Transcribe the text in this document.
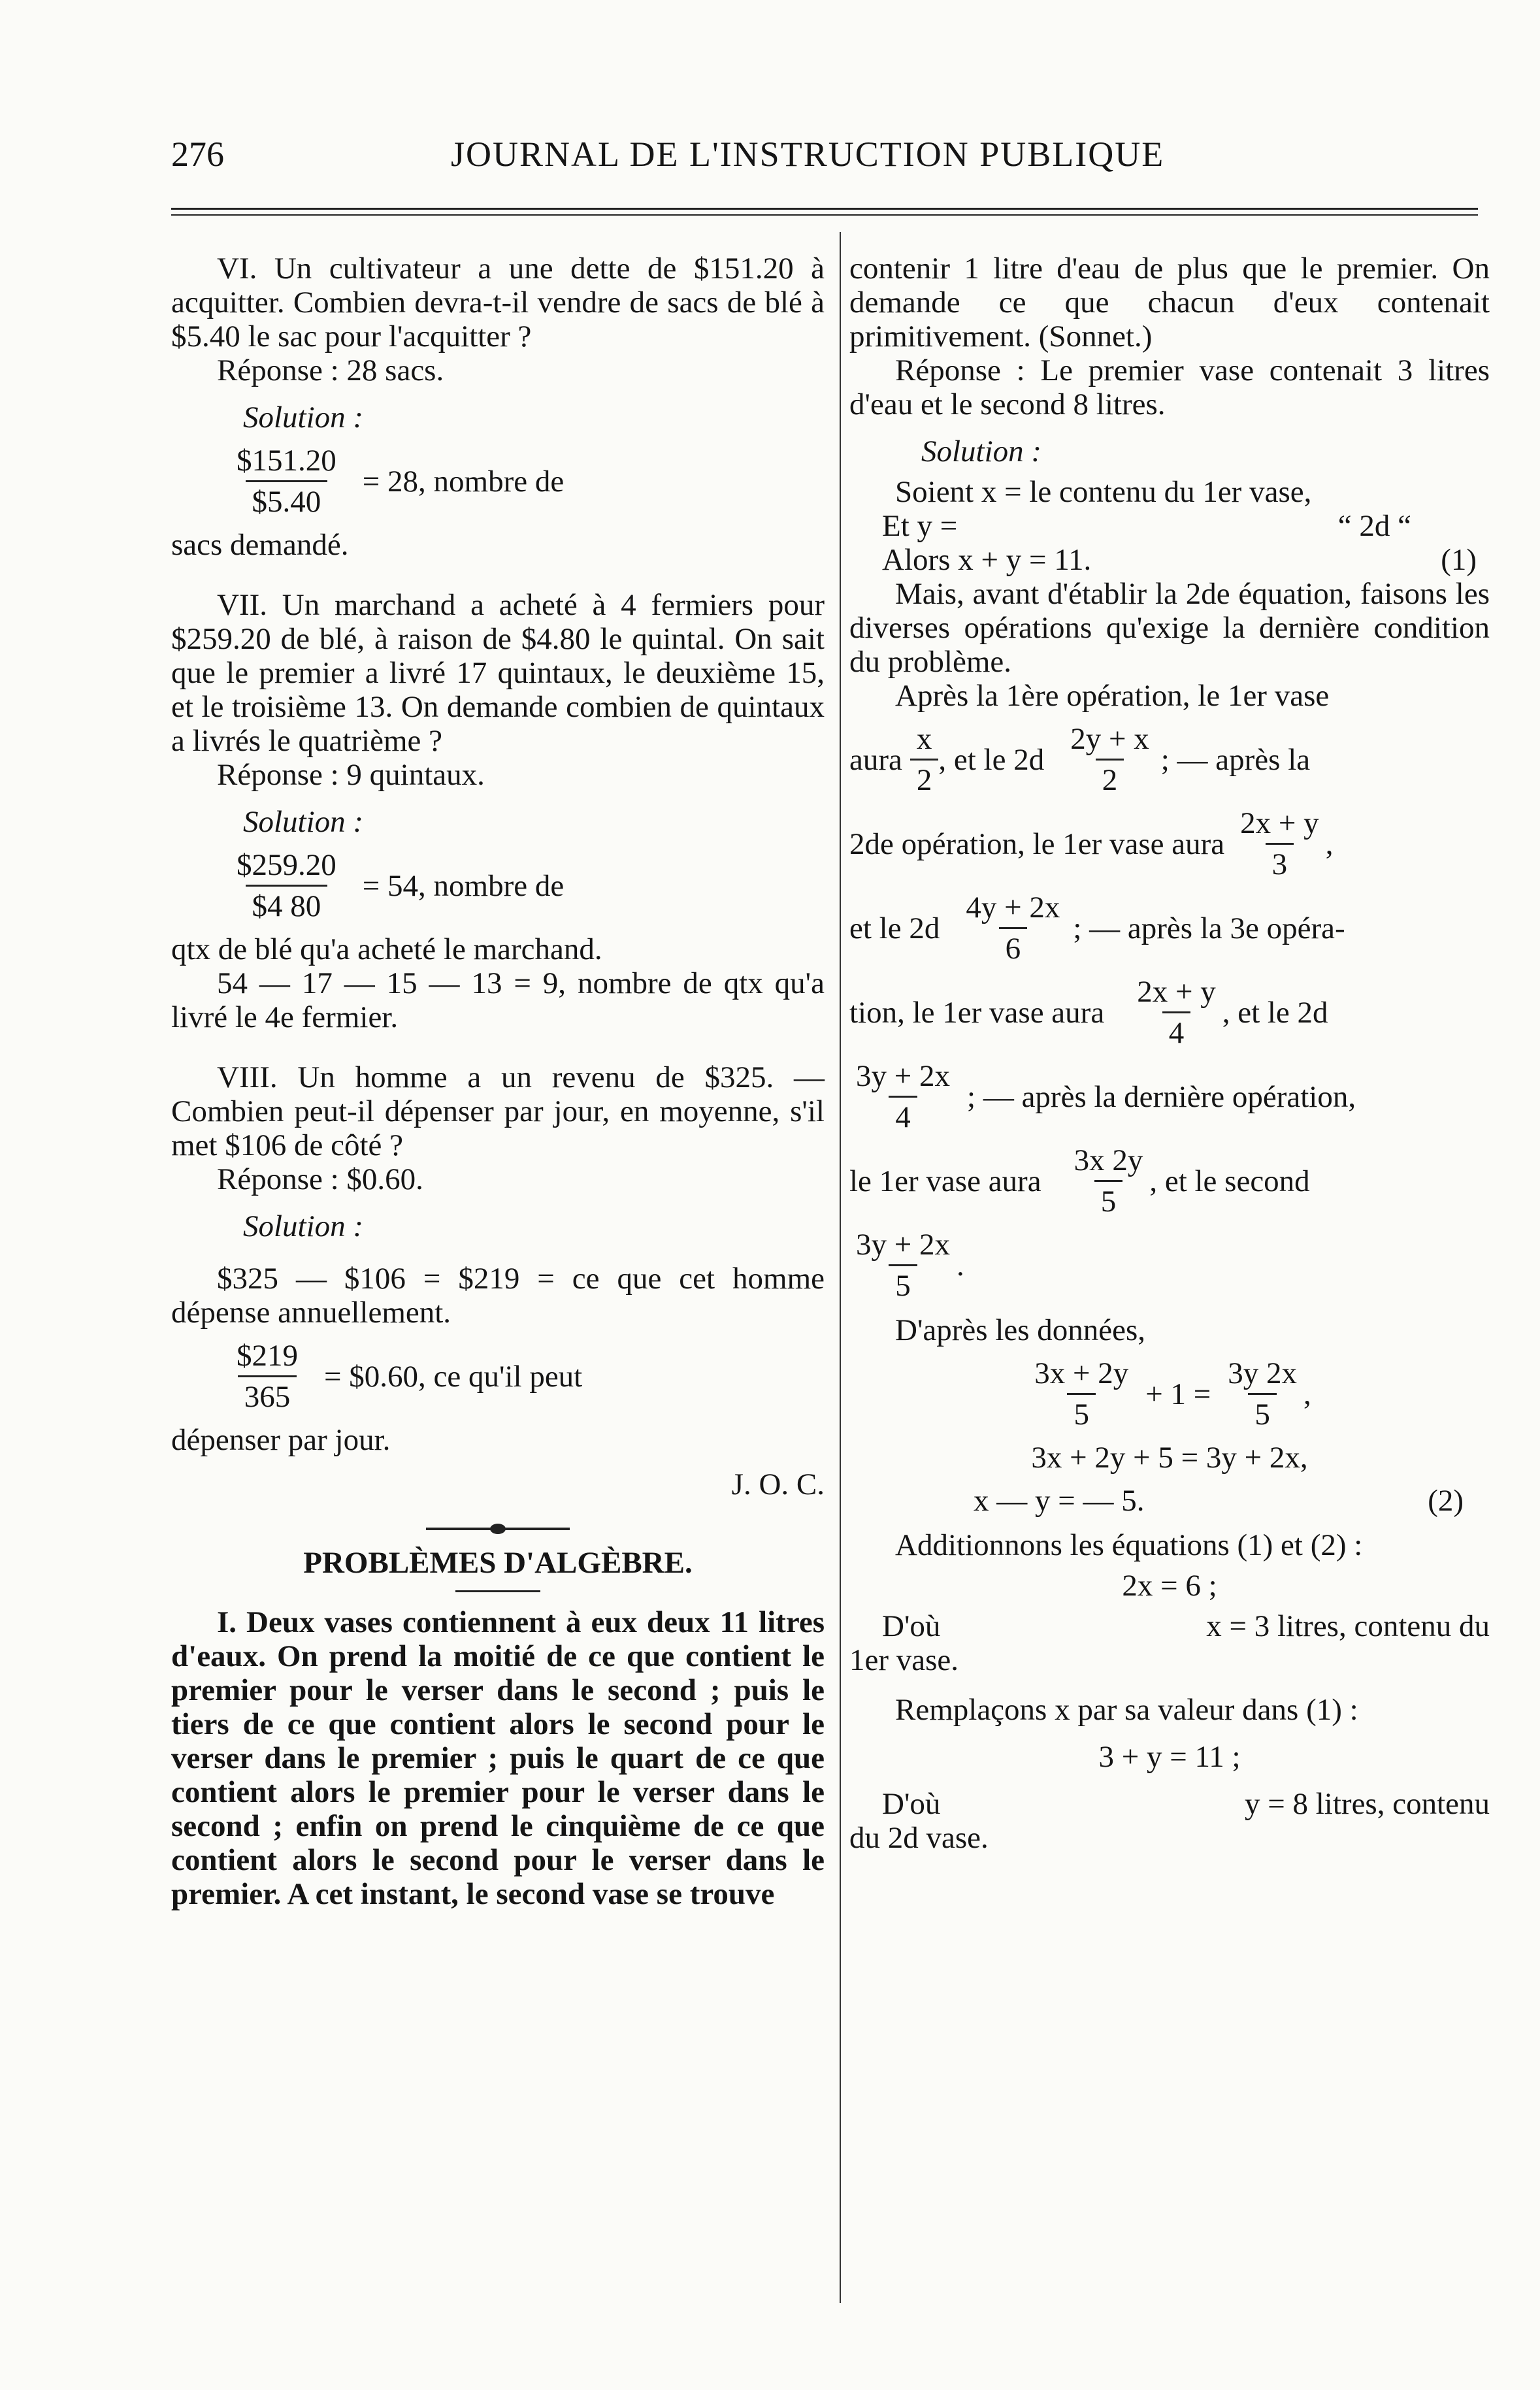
276	JOURNAL DE L'INSTRUCTION PUBLIQUE

VI. Un cultivateur a une dette de $151.20 à acquitter. Combien devra-t-il vendre de sacs de blé à $5.40 le sac pour l'acquitter ?

Réponse : 28 sacs.

Solution :
$\frac{\$151.20}{\$5.40} = 28$, nombre de

sacs demandé.

VII. Un marchand a acheté à 4 fermiers pour $259.20 de blé, à raison de $4.80 le quintal. On sait que le premier a livré 17 quintaux, le deuxième 15, et le troisième 13. On demande combien de quintaux a livrés le quatrième ?

Réponse : 9 quintaux.

Solution :
$\frac{\$259.20}{\$4 80} = 54$, nombre de

qtx de blé qu'a acheté le marchand.

54 — 17 — 15 — 13 = 9, nombre de qtx qu'a livré le 4e fermier.

VIII. Un homme a un revenu de $325. — Combien peut-il dépenser par jour, en moyenne, s'il met $106 de côté ?

Réponse : $0.60.

Solution :

$325 — $106 = $219 = ce que cet homme dépense annuellement.

$\frac{\$219}{365}$ = $0.60, ce qu'il peut

dépenser par jour.

J. O. C.
PROBLÈMES D'ALGÈBRE.

I. Deux vases contiennent à eux deux 11 litres d'eaux. On prend la moitié de ce que contient le premier pour le verser dans le second ; puis le tiers de ce que contient alors le second pour le verser dans le premier ; puis le quart de ce que contient alors le premier pour le verser dans le second ; enfin on prend le cinquième de ce que contient alors le second pour le verser dans le premier. A cet instant, le second vase se trouve

contenir 1 litre d'eau de plus que le premier. On demande ce que chacun d'eux contenait primitivement. (Sonnet.)

Réponse : Le premier vase contenait 3 litres d'eau et le second 8 litres.

Solution :

Soient x = le contenu du 1er vase,

Et y =	“ 2d “
Alors x + y = 11.	(1)

Mais, avant d'établir la 2de équation, faisons les diverses opérations qu'exige la dernière condition du problème.

Après la 1ère opération, le 1er vase

aura $\frac{x}{2}$ , et le $2d \frac{2y + x}{2}$ ; — après la
2de opération, le 1er vase aura $\frac{2x + y}{3}$ ,
et le $2d \frac{4y + 2x}{6}$ ; — après la 3e opéra-
tion, le 1er vase aura $\frac{2x + y}{4}$ , et le 2d
$\frac{3y + 2x}{4}$ ; — après la dernière opération,
le 1er vase aura $\frac{3x 2y}{5}$ , et le second
$\frac{3y + 2x}{5}$ .

D'après les données,

$\frac{3x + 2y}{5} + 1 = \frac{3y 2x}{5}$ ,
3x + 2y + 5 = 3y + 2x,
x — y = — 5.	(2)

Additionnons les équations (1) et (2) :

2x = 6 ;
D'où	x = 3 litres, contenu du

1er vase.

Remplaçons x par sa valeur dans (1) :

3 + y = 11 ;
D'où	y = 8 litres, contenu

du 2d vase.
